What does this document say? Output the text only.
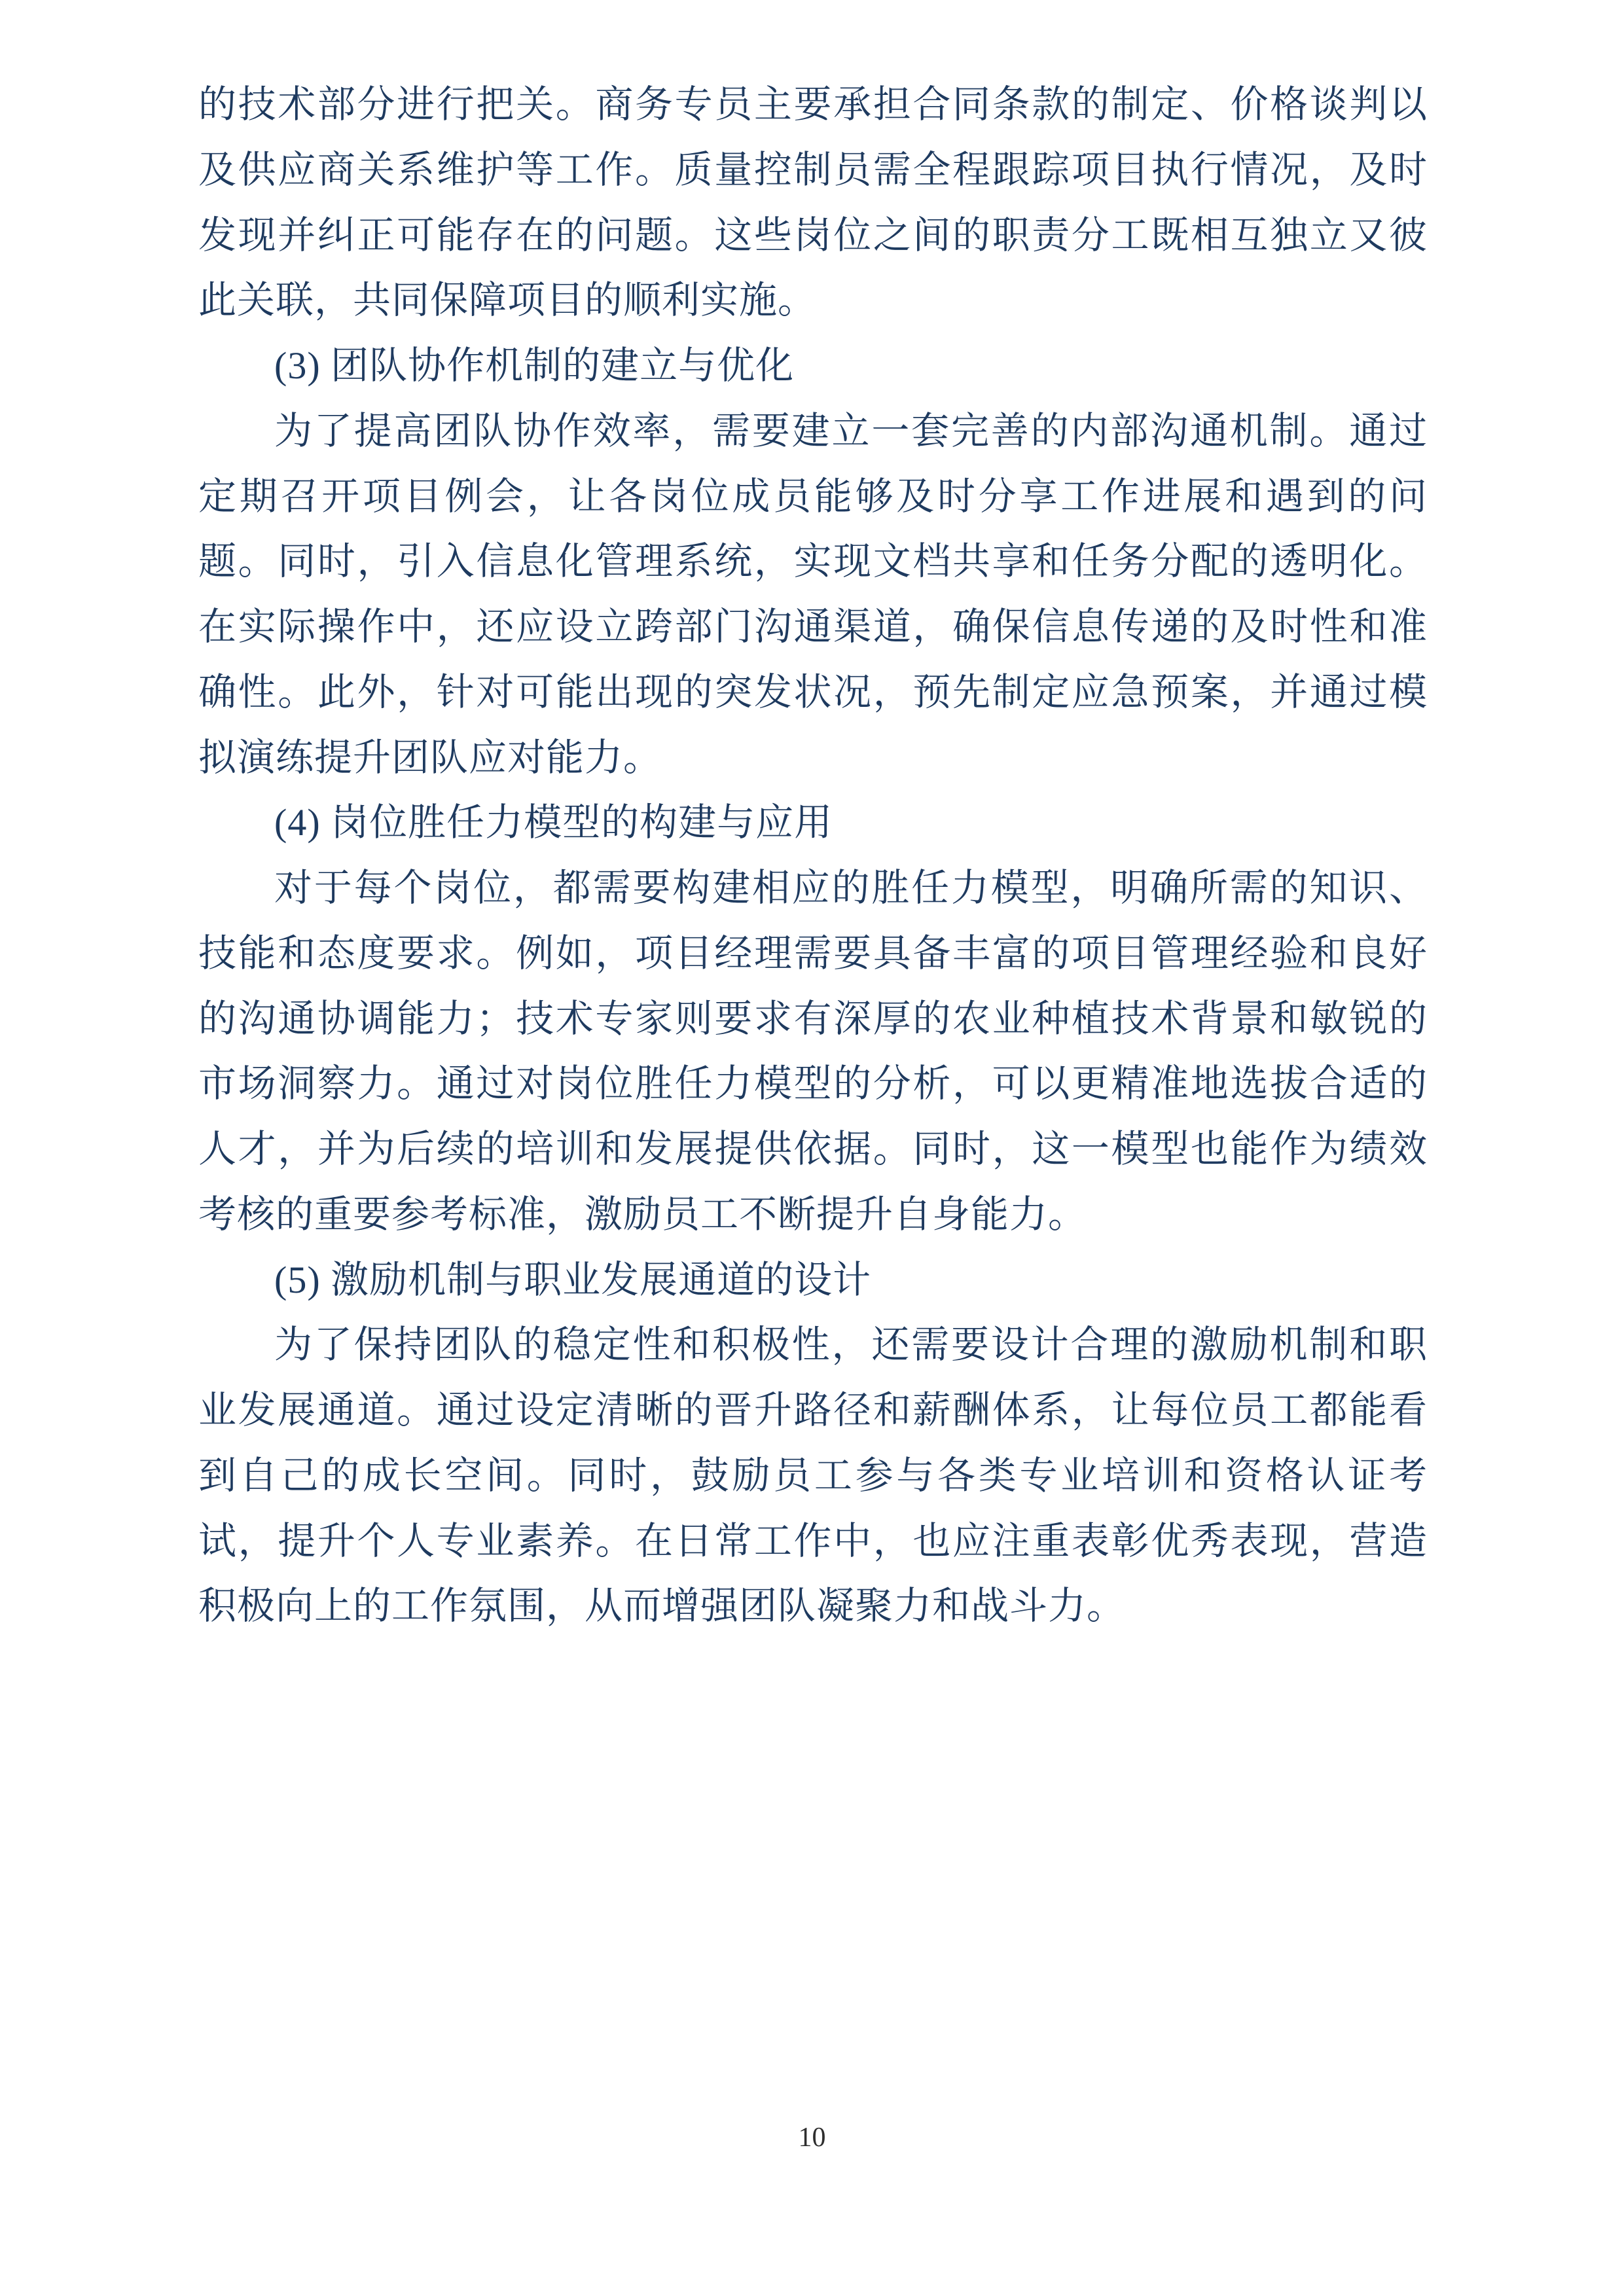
的技术部分进行把关。商务专员主要承担合同条款的制定、价格谈判以及供应商关系维护等工作。质量控制员需全程跟踪项目执行情况，及时发现并纠正可能存在的问题。这些岗位之间的职责分工既相互独立又彼此关联，共同保障项目的顺利实施。

(3) 团队协作机制的建立与优化

为了提高团队协作效率，需要建立一套完善的内部沟通机制。通过定期召开项目例会，让各岗位成员能够及时分享工作进展和遇到的问题。同时，引入信息化管理系统，实现文档共享和任务分配的透明化。在实际操作中，还应设立跨部门沟通渠道，确保信息传递的及时性和准确性。此外，针对可能出现的突发状况，预先制定应急预案，并通过模拟演练提升团队应对能力。

(4) 岗位胜任力模型的构建与应用

对于每个岗位，都需要构建相应的胜任力模型，明确所需的知识、技能和态度要求。例如，项目经理需要具备丰富的项目管理经验和良好的沟通协调能力；技术专家则要求有深厚的农业种植技术背景和敏锐的市场洞察力。通过对岗位胜任力模型的分析，可以更精准地选拔合适的人才，并为后续的培训和发展提供依据。同时，这一模型也能作为绩效考核的重要参考标准，激励员工不断提升自身能力。

(5) 激励机制与职业发展通道的设计

为了保持团队的稳定性和积极性，还需要设计合理的激励机制和职业发展通道。通过设定清晰的晋升路径和薪酬体系，让每位员工都能看到自己的成长空间。同时，鼓励员工参与各类专业培训和资格认证考试，提升个人专业素养。在日常工作中，也应注重表彰优秀表现，营造积极向上的工作氛围，从而增强团队凝聚力和战斗力。

10
